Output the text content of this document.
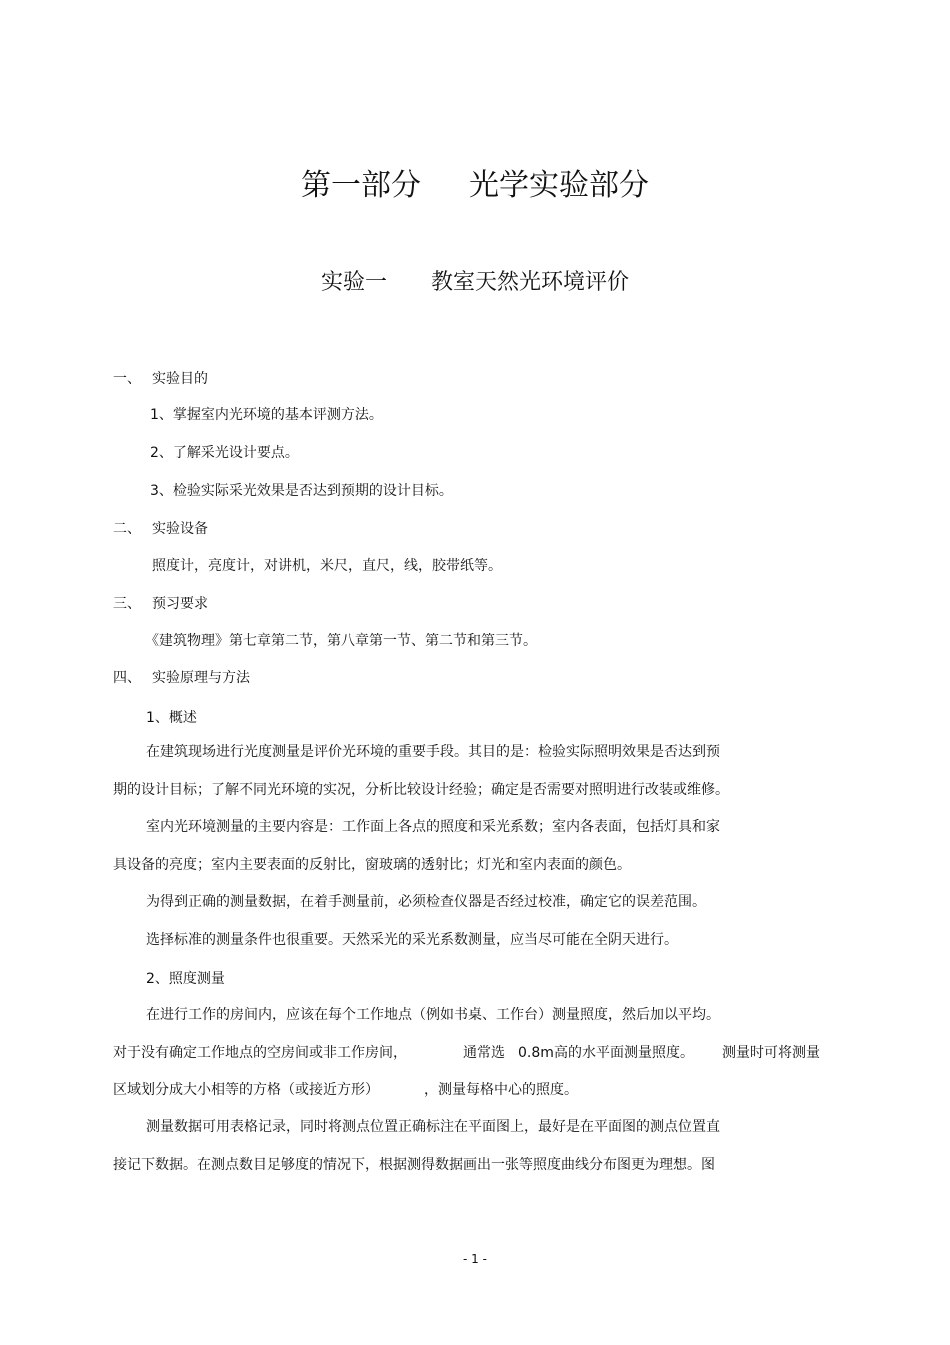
第一部分 光学实验部分
实验一 教室天然光环境评价
一、 实验目的
1、掌握室内光环境的基本评测方法。
2、了解采光设计要点。
3、检验实际采光效果是否达到预期的设计目标。
二、 实验设备
照度计，亮度计，对讲机，米尺，直尺，线，胶带纸等。
三、 预习要求
《建筑物理》第七章第二节，第八章第一节、第二节和第三节。
四、 实验原理与方法
1、概述
在建筑现场进行光度测量是评价光环境的重要手段。其目的是：检验实际照明效果是否达到预
期的设计目标；了解不同光环境的实况，分析比较设计经验；确定是否需要对照明进行改装或维修。
室内光环境测量的主要内容是：工作面上各点的照度和采光系数；室内各表面，包括灯具和家
具设备的亮度；室内主要表面的反射比，窗玻璃的透射比；灯光和室内表面的颜色。
为得到正确的测量数据，在着手测量前，必须检查仪器是否经过校准，确定它的误差范围。
选择标准的测量条件也很重要。天然采光的采光系数测量，应当尽可能在全阴天进行。
2、照度测量
在进行工作的房间内，应该在每个工作地点（例如书桌、工作台）测量照度，然后加以平均。
对于没有确定工作地点的空房间或非工作房间，	通常选 0.8m 高的水平面测量照度。 测量时可将测量
区域划分成大小相等的方格（或接近方形）	，测量每格中心的照度。
测量数据可用表格记录，同时将测点位置正确标注在平面图上，最好是在平面图的测点位置直
接记下数据。在测点数目足够度的情况下，根据测得数据画出一张等照度曲线分布图更为理想。图
- 1 -
